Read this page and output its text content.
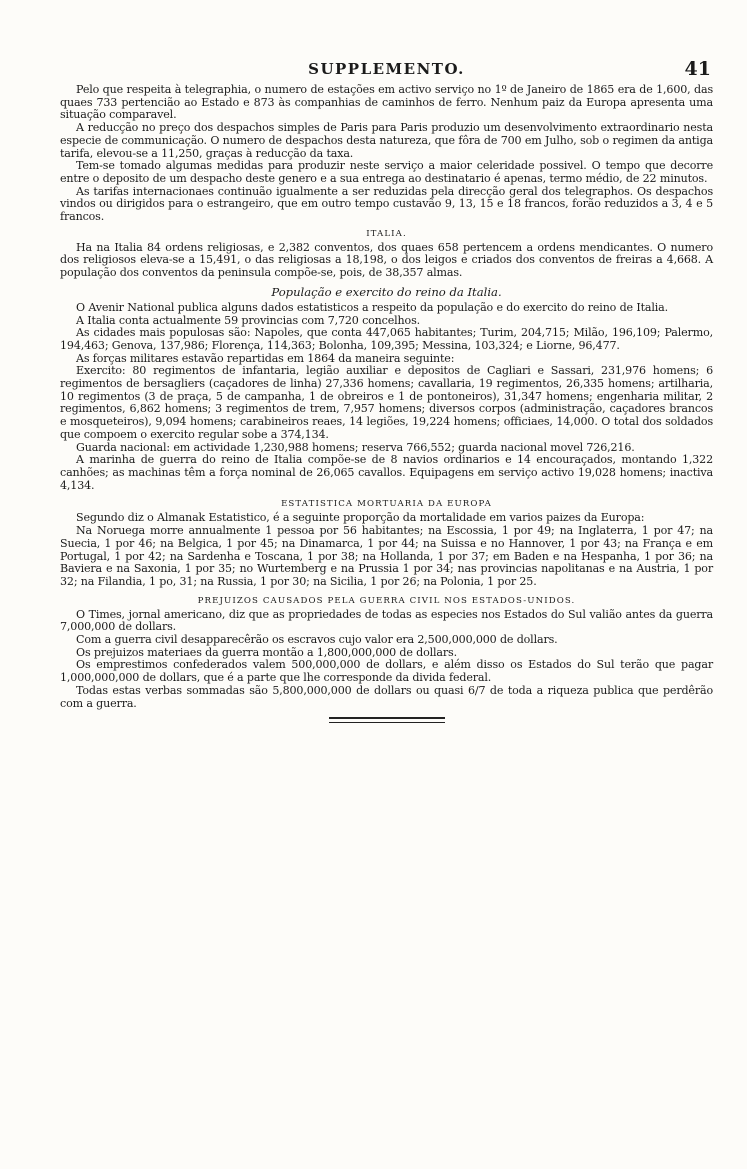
SUPPLEMENTO.	41

Pelo que respeita à telegraphia, o numero de estações em activo serviço no 1º de Janeiro de 1865 era de 1,600, das quaes 733 pertencião ao Estado e 873 às companhias de caminhos de ferro. Nenhum paiz da Europa apresenta uma situação comparavel.

A reducção no preço dos despachos simples de Paris para Paris produzio um desenvolvimento extraordinario nesta especie de communicação. O numero de despachos desta natureza, que fôra de 700 em Julho, sob o regimen da antiga tarifa, elevou-se a 11,250, graças à reducção da taxa.

Tem-se tomado algumas medidas para produzir neste serviço a maior celeridade possivel. O tempo que decorre entre o deposito de um despacho deste genero e a sua entrega ao destinatario é apenas, termo médio, de 22 minutos.

As tarifas internacionaes continuão igualmente a ser reduzidas pela direcção geral dos telegraphos. Os despachos vindos ou dirigidos para o estrangeiro, que em outro tempo custavão 9, 13, 15 e 18 francos, forão reduzidos a 3, 4 e 5 francos.

ITALIA.

Ha na Italia 84 ordens religiosas, e 2,382 conventos, dos quaes 658 pertencem a ordens mendicantes. O numero dos religiosos eleva-se a 15,491, o das religiosas a 18,198, o dos leigos e criados dos conventos de freiras a 4,668. A população dos conventos da peninsula compõe-se, pois, de 38,357 almas.

População e exercito do reino da Italia.

O Avenir National publica alguns dados estatisticos a respeito da população e do exercito do reino de Italia.

A Italia conta actualmente 59 provincias com 7,720 concelhos.

As cidades mais populosas são: Napoles, que conta 447,065 habitantes; Turim, 204,715; Milão, 196,109; Palermo, 194,463; Genova, 137,986; Florença, 114,363; Bolonha, 109,395; Messina, 103,324; e Liorne, 96,477.

As forças militares estavão repartidas em 1864 da maneira seguinte:

Exercito: 80 regimentos de infantaria, legião auxiliar e depositos de Cagliari e Sassari, 231,976 homens; 6 regimentos de bersagliers (caçadores de linha) 27,336 homens; cavallaria, 19 regimentos, 26,335 homens; artilharia, 10 regimentos (3 de praça, 5 de campanha, 1 de obreiros e 1 de pontoneiros), 31,347 homens; engenharia militar, 2 regimentos, 6,862 homens; 3 regimentos de trem, 7,957 homens; diversos corpos (administração, caçadores brancos e mosqueteiros), 9,094 homens; carabineiros reaes, 14 legiões, 19,224 homens; officiaes, 14,000. O total dos soldados que compoem o exercito regular sobe a 374,134.

Guarda nacional: em actividade 1,230,988 homens; reserva 766,552; guarda nacional movel 726,216.

A marinha de guerra do reino de Italia compõe-se de 8 navios ordinarios e 14 encouraçados, montando 1,322 canhões; as machinas têm a força nominal de 26,065 cavallos. Equipagens em serviço activo 19,028 homens; inactiva 4,134.

ESTATISTICA MORTUARIA DA EUROPA

Segundo diz o Almanak Estatistico, é a seguinte proporção da mortalidade em varios paizes da Europa:

Na Noruega morre annualmente 1 pessoa por 56 habitantes; na Escossia, 1 por 49; na Inglaterra, 1 por 47; na Suecia, 1 por 46; na Belgica, 1 por 45; na Dinamarca, 1 por 44; na Suissa e no Hannover, 1 por 43; na França e em Portugal, 1 por 42; na Sardenha e Toscana, 1 por 38; na Hollanda, 1 por 37; em Baden e na Hespanha, 1 por 36; na Baviera e na Saxonia, 1 por 35; no Wurtemberg e na Prussia 1 por 34; nas provincias napolitanas e na Austria, 1 por 32; na Filandia, 1 po, 31; na Russia, 1 por 30; na Sicilia, 1 por 26; na Polonia, 1 por 25.

PREJUIZOS CAUSADOS PELA GUERRA CIVIL NOS ESTADOS-UNIDOS.

O Times, jornal americano, diz que as propriedades de todas as especies nos Estados do Sul valião antes da guerra 7,000,000 de dollars.

Com a guerra civil desapparecêrão os escravos cujo valor era 2,500,000,000 de dollars.

Os prejuizos materiaes da guerra montão a 1,800,000,000 de dollars.

Os emprestimos confederados valem 500,000,000 de dollars, e além disso os Estados do Sul terão que pagar 1,000,000,000 de dollars, que é a parte que lhe corresponde da divida federal.

Todas estas verbas sommadas são 5,800,000,000 de dollars ou quasi 6/7 de toda a riqueza publica que perdêrão com a guerra.
